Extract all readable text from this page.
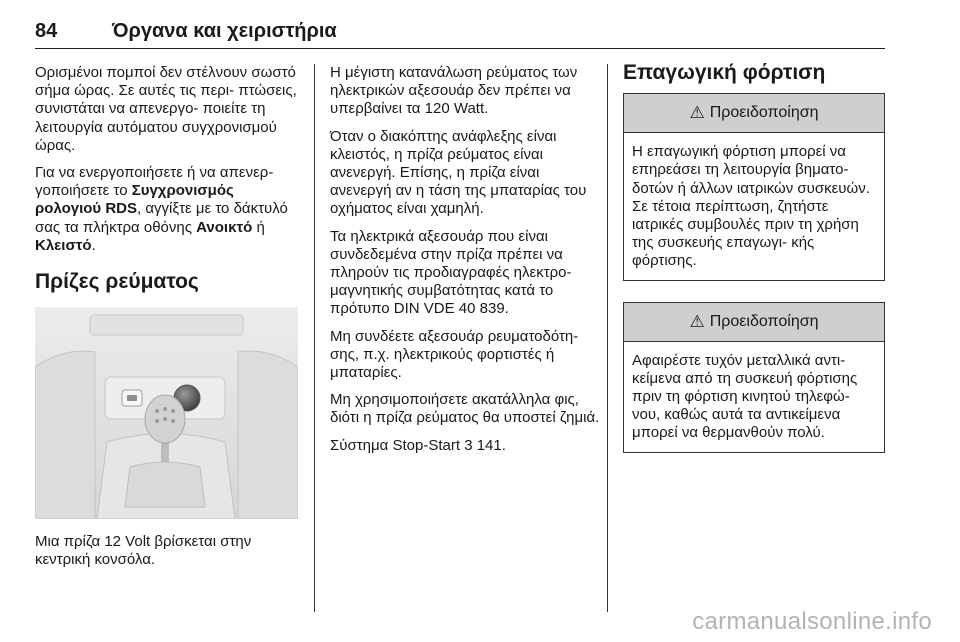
84	Όργανα και χειριστήρια

Ορισμένοι πομποί δεν στέλνουν σωστό σήμα ώρας. Σε αυτές τις περι- πτώσεις, συνιστάται να απενεργο- ποιείτε τη λειτουργία αυτόματου συγχρονισμού ώρας.

Για να ενεργοποιήσετε ή να απενερ- γοποιήσετε το Συγχρονισμός ρολογιού RDS, αγγίξτε με το δάκτυλό σας τα πλήκτρα οθόνης Ανοικτό ή Κλειστό.

Πρίζες ρεύματος

Μια πρίζα 12 Volt βρίσκεται στην κεντρική κονσόλα.

Η μέγιστη κατανάλωση ρεύματος των ηλεκτρικών αξεσουάρ δεν πρέπει να υπερβαίνει τα 120 Watt.

Όταν ο διακόπτης ανάφλεξης είναι κλειστός, η πρίζα ρεύματος είναι ανενεργή. Επίσης, η πρίζα είναι ανενεργή αν η τάση της μπαταρίας του οχήματος είναι χαμηλή.

Τα ηλεκτρικά αξεσουάρ που είναι συνδεδεμένα στην πρίζα πρέπει να πληρούν τις προδιαγραφές ηλεκτρο- μαγνητικής συμβατότητας κατά το πρότυπο DIN VDE 40 839.

Μη συνδέετε αξεσουάρ ρευματοδότη- σης, π.χ. ηλεκτρικούς φορτιστές ή μπαταρίες.

Μη χρησιμοποιήσετε ακατάλληλα φις, διότι η πρίζα ρεύματος θα υποστεί ζημιά.

Σύστημα Stop-Start 3 141.

Επαγωγική φόρτιση
⚠ Προειδοποίηση
Η επαγωγική φόρτιση μπορεί να επηρεάσει τη λειτουργία βηματο- δοτών ή άλλων ιατρικών συσκευών. Σε τέτοια περίπτωση, ζητήστε ιατρικές συμβουλές πριν τη χρήση της συσκευής επαγωγι- κής φόρτισης.
⚠ Προειδοποίηση
Αφαιρέστε τυχόν μεταλλικά αντι- κείμενα από τη συσκευή φόρτισης πριν τη φόρτιση κινητού τηλεφώ- νου, καθώς αυτά τα αντικείμενα μπορεί να θερμανθούν πολύ.
carmanualsonline.info
